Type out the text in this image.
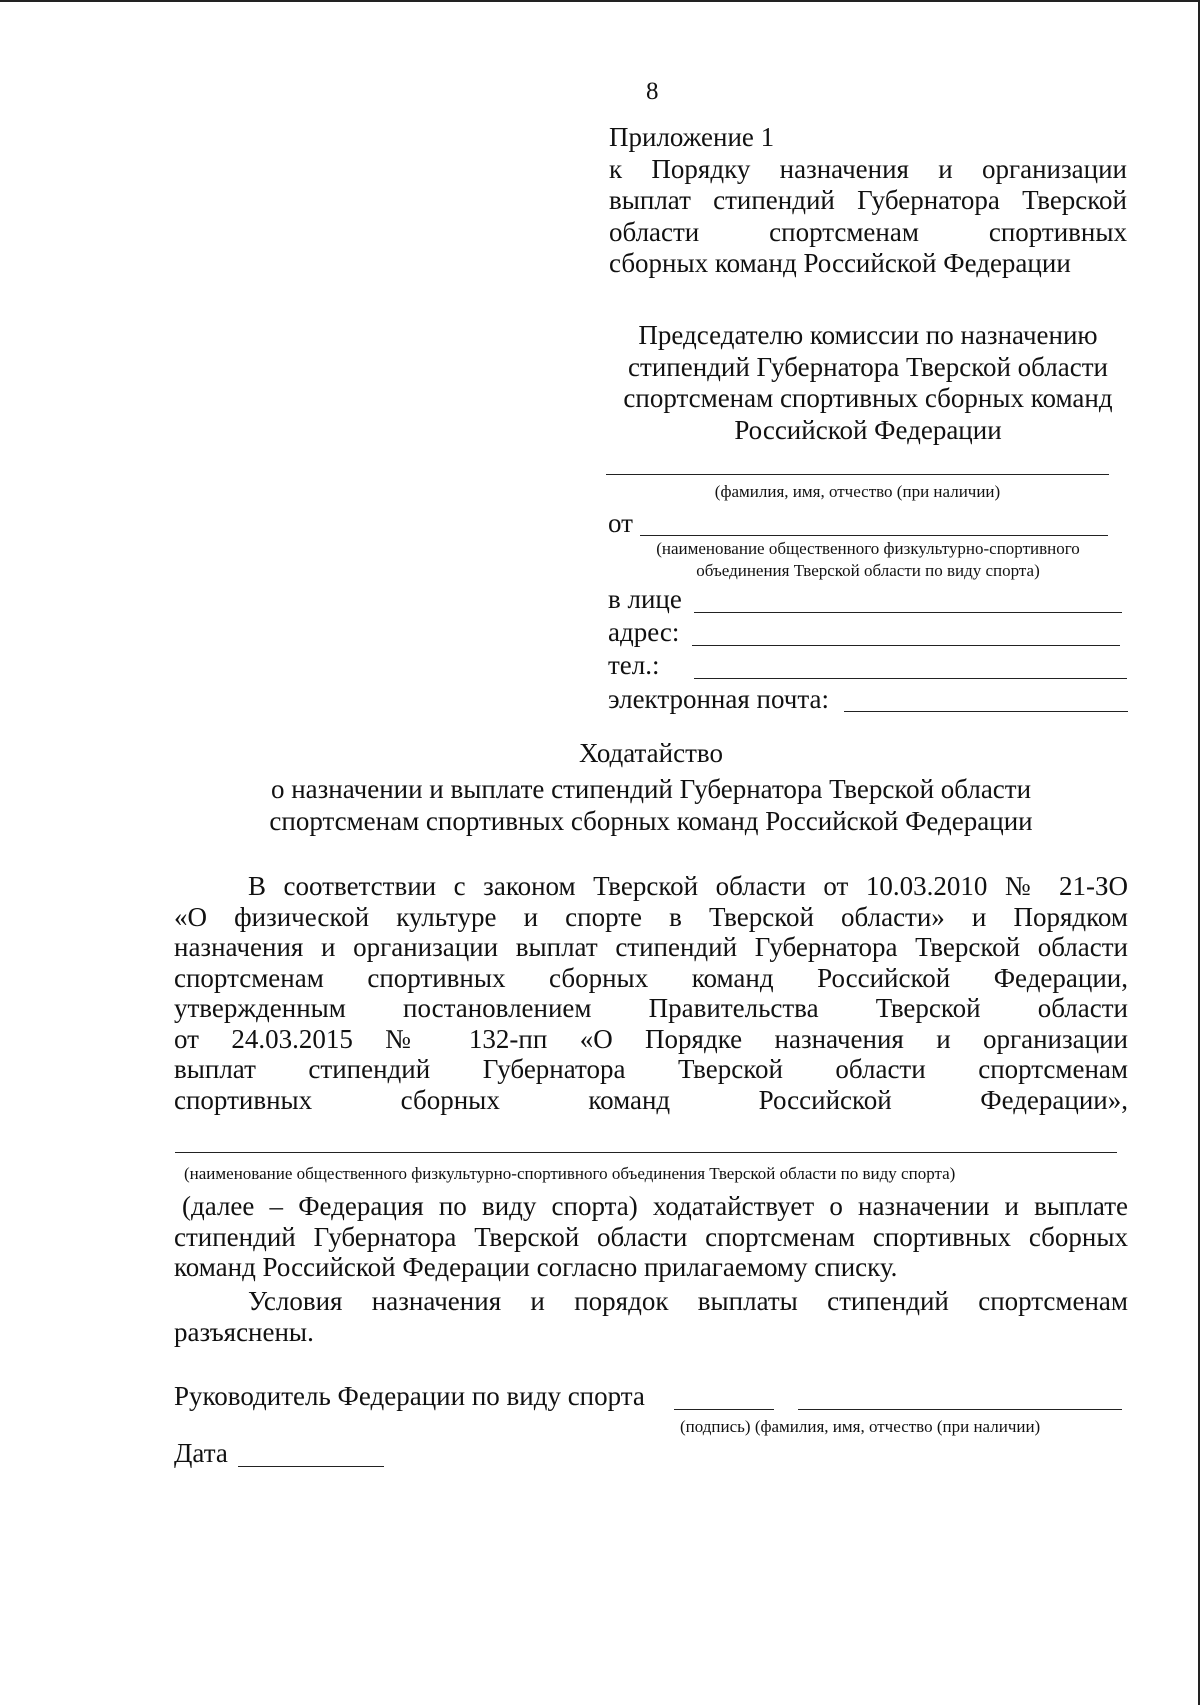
8
Приложение 1
к Порядку назначения и организации
выплат стипендий Губернатора Тверской
области спортсменам спортивных
сборных команд Российской Федерации
Председателю комиссии по назначению
стипендий Губернатора Тверской области
спортсменам спортивных сборных команд
Российской Федерации
(фамилия, имя, отчество (при наличии)
от
(наименование общественного физкультурно-спортивного
объединения Тверской области по виду спорта)
в лице
адрес:
тел.:
электронная почта:
Ходатайство
о назначении и выплате стипендий Губернатора Тверской области
спортсменам спортивных сборных команд Российской Федерации
В соответствии с законом Тверской области от 10.03.2010 № 21-ЗО
«О физической культуре и спорте в Тверской области» и Порядком
назначения и организации выплат стипендий Губернатора Тверской области
спортсменам спортивных сборных команд Российской Федерации,
утвержденным постановлением Правительства Тверской области
от 24.03.2015 № 132-пп «О Порядке назначения и организации
выплат стипендий Губернатора Тверской области спортсменам
спортивных сборных команд Российской Федерации»,
(наименование общественного физкультурно-спортивного объединения Тверской области по виду спорта)
(далее – Федерация по виду спорта) ходатайствует о назначении и выплате
стипендий Губернатора Тверской области спортсменам спортивных сборных
команд Российской Федерации согласно прилагаемому списку.
Условия назначения и порядок выплаты стипендий спортсменам
разъяснены.
Руководитель Федерации по виду спорта
(подпись) (фамилия, имя, отчество (при наличии)
Дата
